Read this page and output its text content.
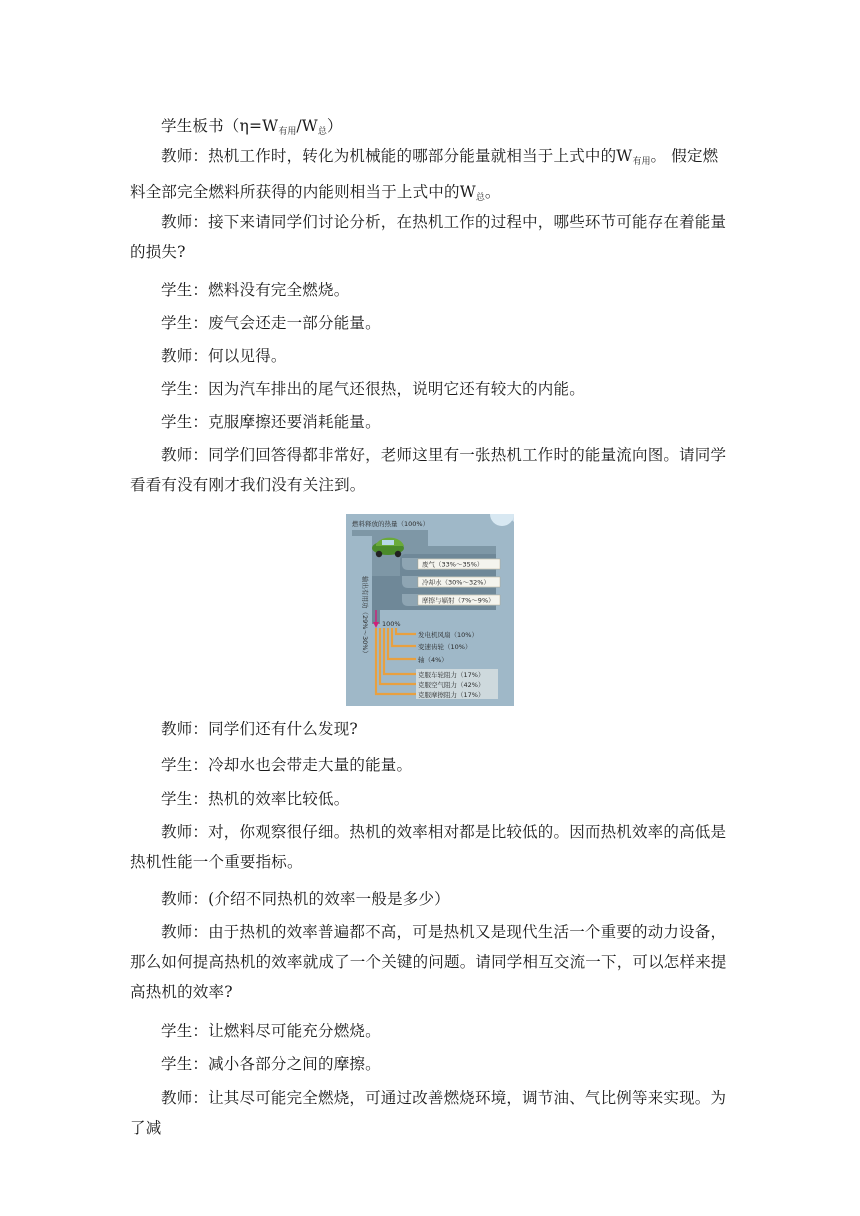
学生板书$(\eta=W_{有用}/W_总)$

教师：热机工作时，转化为机械能的哪部分能量就相当于上式中的$W_{有用}$。 假定燃料全部完全燃料所获得的内能则相当于上式中的$W_总$。

教师：接下来请同学们讨论分析，在热机工作的过程中，哪些环节可能存在着能量的损失?

学生：燃料没有完全燃烧。

学生：废气会还走一部分能量。

教师：何以见得。

学生：因为汽车排出的尾气还很热，说明它还有较大的内能。

学生：克服摩擦还要消耗能量。

教师：同学们回答得都非常好，老师这里有一张热机工作时的能量流向图。请同学看看有没有刚才我们没有关注到。

教师：同学们还有什么发现?

学生：冷却水也会带走大量的能量。

学生：热机的效率比较低。

教师：对，你观察很仔细。热机的效率相对都是比较低的。因而热机效率的高低是热机性能一个重要指标。

教师：(介绍不同热机的效率一般是多少）

教师：由于热机的效率普遍都不高，可是热机又是现代生活一个重要的动力设备，那么如何提高热机的效率就成了一个关键的问题。请同学相互交流一下，可以怎样来提高热机的效率?

学生：让燃料尽可能充分燃烧。

学生：减小各部分之间的摩擦。

教师：让其尽可能完全燃烧，可通过改善燃烧环境，调节油、气比例等来实现。为了减

废气（33%～35%）
冷却水（30%～32%）
摩擦与辐射（7%～9%）
燃料释放的热量（100%）
输出有用功（29%～30%） 100%
发电机风扇（10%）
变速齿轮（10%）
轴（4%）
克服车轮阻力（17%）
克服空气阻力（42%）
克服摩擦阻力（17%）
